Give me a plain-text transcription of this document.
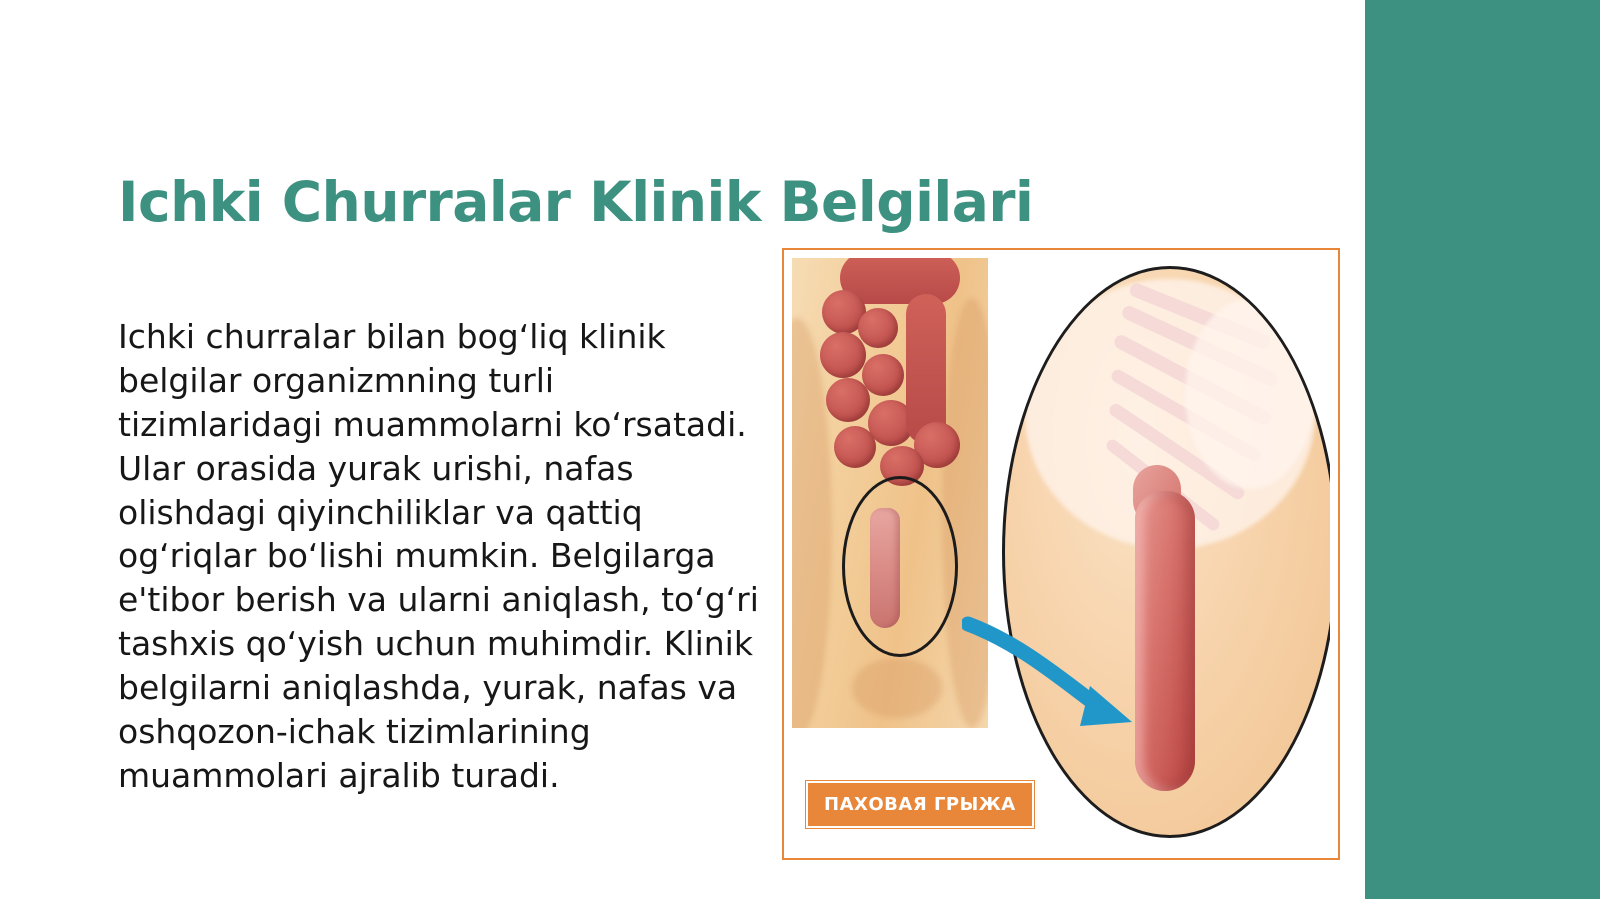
Ichki Churralar Klinik Belgilari

Ichki churralar bilan bog‘liq klinik belgilar organizmning turli tizimlaridagi muammolarni ko‘rsatadi. Ular orasida yurak urishi, nafas olishdagi qiyinchiliklar va qattiq og‘riqlar bo‘lishi mumkin. Belgilarga e'tibor berish va ularni aniqlash, to‘g‘ri tashxis qo‘yish uchun muhimdir. Klinik belgilarni aniqlashda, yurak, nafas va oshqozon-ichak tizimlarining muammolari ajralib turadi.

ПАХОВАЯ ГРЫЖА
